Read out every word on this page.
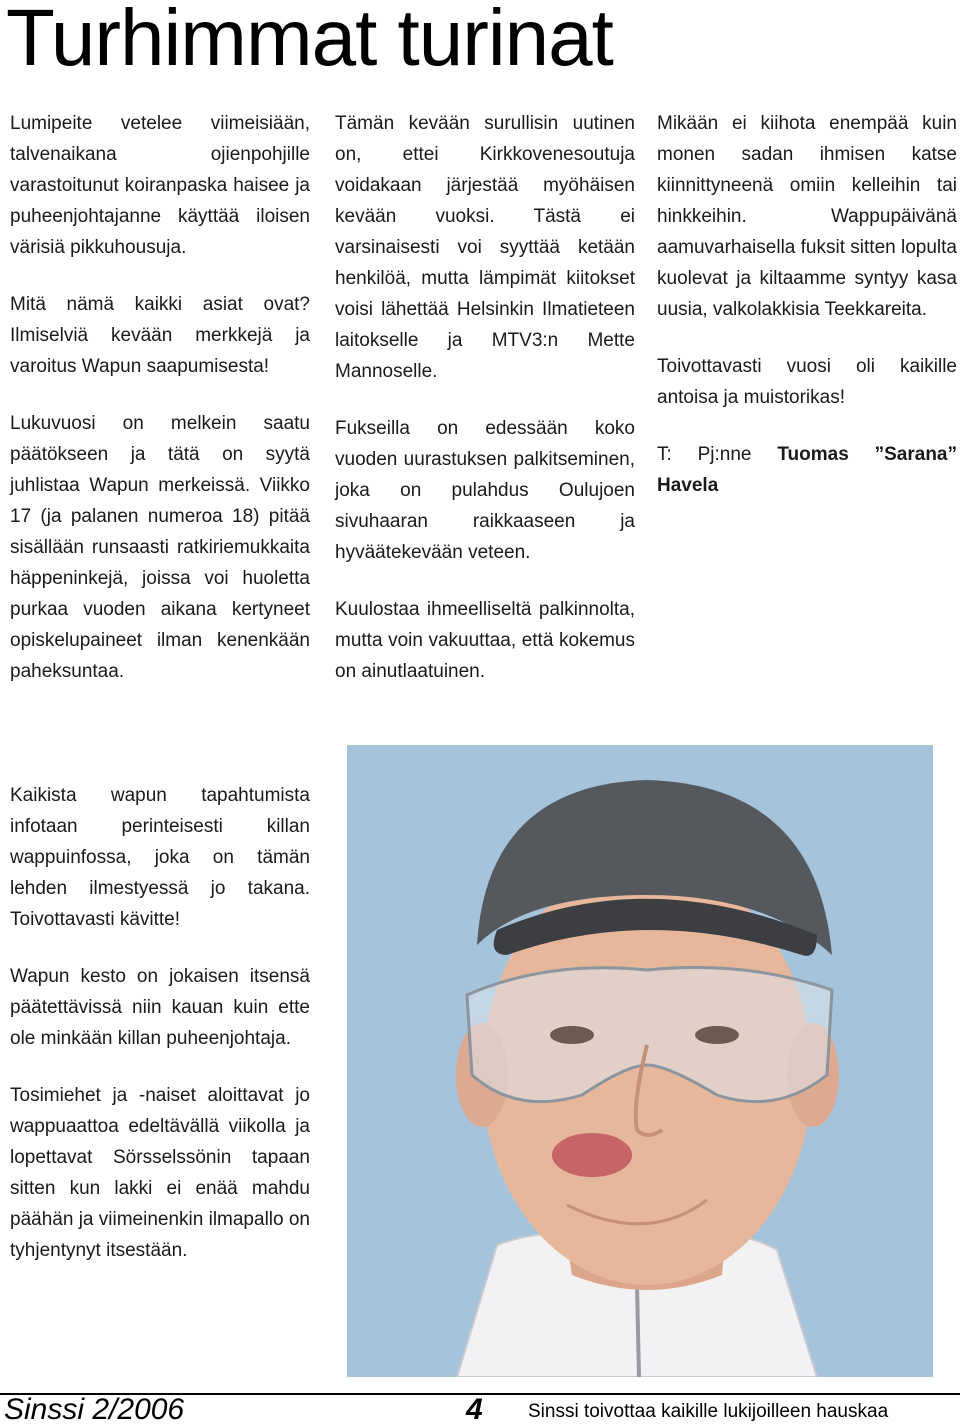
Turhimmat turinat

Lumipeite vetelee viimeisiään, talvenaikana ojienpohjille varastoitunut koiranpaska haisee ja puheenjohtajanne käyttää iloisen värisiä pikkuhousuja.

Mitä nämä kaikki asiat ovat? Ilmiselviä kevään merkkejä ja varoitus Wapun saapumisesta!

Lukuvuosi on melkein saatu päätökseen ja tätä on syytä juhlistaa Wapun merkeissä. Viikko 17 (ja palanen numeroa 18) pitää sisällään runsaasti ratkiriemukkaita häppeninkejä, joissa voi huoletta purkaa vuoden aikana kertyneet opiskelupaineet ilman kenenkään paheksuntaa.

Kaikista wapun tapahtumista infotaan perinteisesti killan wappuinfossa, joka on tämän lehden ilmestyessä jo takana. Toivottavasti kävitte!

Wapun kesto on jokaisen itsensä päätettävissä niin kauan kuin ette ole minkään killan puheenjohtaja.

Tosimiehet ja -naiset aloittavat jo wappuaattoa edeltävällä viikolla ja lopettavat Sörsselssönin tapaan sitten kun lakki ei enää mahdu päähän ja viimeinenkin ilmapallo on tyhjentynyt itsestään.

Tämän kevään surullisin uutinen on, ettei Kirkkovenesoutuja voidakaan järjestää myöhäisen kevään vuoksi. Tästä ei varsinaisesti voi syyttää ketään henkilöä, mutta lämpimät kiitokset voisi lähettää Helsinkin Ilmatieteen laitokselle ja MTV3:n Mette Mannoselle.

Fukseilla on edessään koko vuoden uurastuksen palkitseminen, joka on pulahdus Oulujoen sivuhaaran raikkaaseen ja hyväätekevään veteen.

Kuulostaa ihmeelliseltä palkinnolta, mutta voin vakuuttaa, että kokemus on ainutlaatuinen.

Mikään ei kiihota enempää kuin monen sadan ihmisen katse kiinnittyneenä omiin kelleihin tai hinkkeihin. Wappupäivänä aamuvarhaisella fuksit sitten lopulta kuolevat ja kiltaamme syntyy kasa uusia, valkolakkisia Teekkareita.

Toivottavasti vuosi oli kaikille antoisa ja muistorikas!

T: Pj:nne Tuomas ”Sarana” Havela

Sinssi 2/2006	4 Sinssi toivottaa kaikille lukijoilleen hauskaa
